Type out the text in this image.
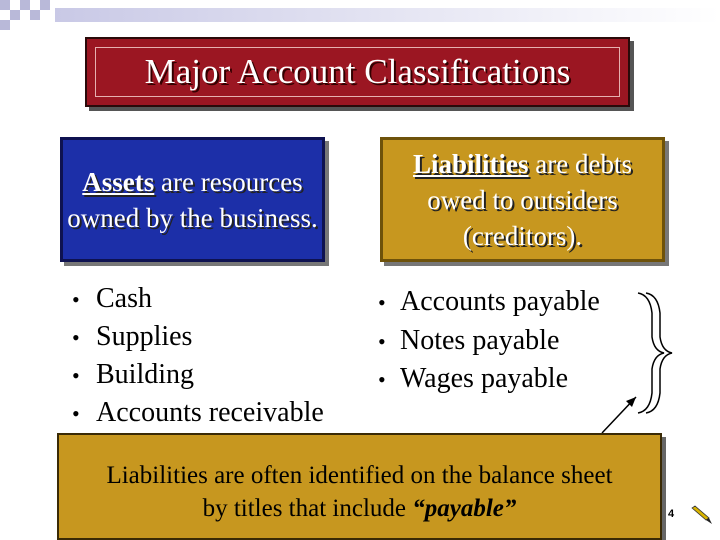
Major Account Classifications
Assets are resources owned by the business.
Liabilities are debts owed to outsiders (creditors).
• Cash
• Supplies
• Building
• Accounts receivable
• Accounts payable
• Notes payable
• Wages payable
Liabilities are often identified on the balance sheet
by titles that include “payable”	4
